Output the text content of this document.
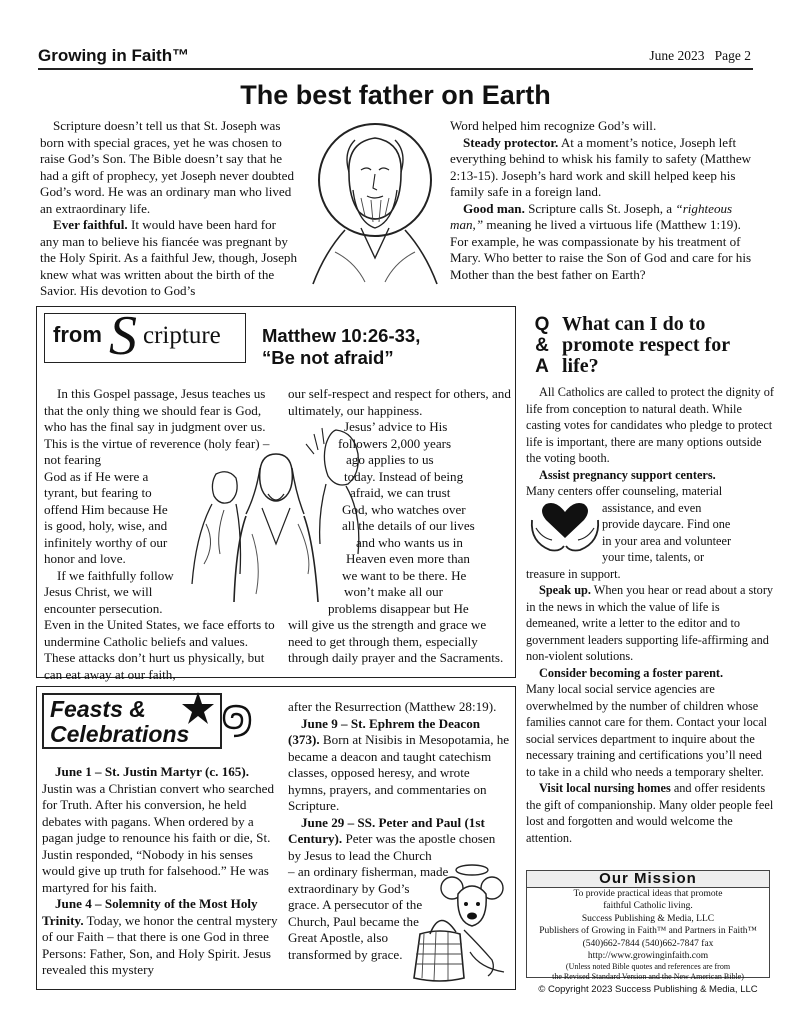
Growing in Faith™	June 2023 Page 2
The best father on Earth

Scripture doesn’t tell us that St. Joseph was born with special graces, yet he was chosen to raise God’s Son. The Bible doesn’t say that he had a gift of prophecy, yet Joseph never doubted God’s word. He was an ordinary man who lived an extraordinary life.

Ever faithful. It would have been hard for any man to believe his fiancée was pregnant by the Holy Spirit. As a faithful Jew, though, Joseph knew what was written about the birth of the Savior. His devotion to God’s

Word helped him recognize God’s will.

Steady protector. At a moment’s notice, Joseph left everything behind to whisk his family to safety (Matthew 2:13-15). Joseph’s hard work and skill helped keep his family safe in a foreign land.

Good man. Scripture calls St. Joseph, a “righteous man,” meaning he lived a virtuous life (Matthew 1:19). For example, he was compassionate by his treatment of Mary. Who better to raise the Son of God and care for his Mother than the best father on Earth?

from S cripture Matthew 10:26-33,
“Be not afraid”

In this Gospel passage, Jesus teaches us that the only thing we should fear is God, who has the final say in judgment over us. This is the virtue of reverence (holy fear) – not fearing

God as if He were a

tyrant, but fearing to

offend Him because He

is good, holy, wise, and

infinitely worthy of our

honor and love.

If we faithfully follow

Jesus Christ, we will

encounter persecution.

Even in the United States, we face efforts to undermine Catholic beliefs and values. These attacks don’t hurt us physically, but can eat away at our faith,

our self-respect and respect for others, and ultimately, our happiness.

Jesus’ advice to His

followers 2,000 years

ago applies to us

today. Instead of being

afraid, we can trust

God, who watches over

all the details of our lives

and who wants us in

Heaven even more than

we want to be there. He

won’t make all our

problems disappear but He

will give us the strength and grace we need to get through them, especially through daily prayer and the Sacraments.

Q
&
A
What can I do to promote respect for life?

All Catholics are called to protect the dignity of life from conception to natural death. While casting votes for candidates who pledge to protect life is important, there are many options outside the voting booth.

Assist pregnancy support centers.

Many centers offer counseling, material

assistance, and even

provide daycare. Find one

in your area and volunteer

your time, talents, or

treasure in support.

Speak up. When you hear or read about a story in the news in which the value of life is demeaned, write a letter to the editor and to government leaders supporting life-affirming and non-violent solutions.

Consider becoming a foster parent.

Many local social service agencies are overwhelmed by the number of children whose families cannot care for them. Contact your local social services department to inquire about the necessary training and certifications you’ll need to take in a child who needs a temporary shelter.

Visit local nursing homes and offer residents the gift of companionship. Many older people feel lost and forgotten and would welcome the attention.

Our Mission
To provide practical ideas that promote
faithful Catholic living.
Success Publishing & Media, LLC
Publishers of Growing in Faith™ and Partners in Faith™
(540)662-7844 (540)662-7847 fax
http://www.growinginfaith.com
(Unless noted Bible quotes and references are from
the Revised Standard Version and the New American Bible)
© Copyright 2023 Success Publishing & Media, LLC
Feasts &
Celebrations

June 1 – St. Justin Martyr (c. 165). Justin was a Christian convert who searched for Truth. After his conversion, he held debates with pagans. When ordered by a pagan judge to renounce his faith or die, St. Justin responded, “Nobody in his senses would give up truth for falsehood.” He was martyred for his faith.

June 4 – Solemnity of the Most Holy Trinity. Today, we honor the central mystery of our Faith – that there is one God in three Persons: Father, Son, and Holy Spirit. Jesus revealed this mystery

after the Resurrection (Matthew 28:19).

June 9 – St. Ephrem the Deacon (373). Born at Nisibis in Mesopotamia, he became a deacon and taught catechism classes, opposed heresy, and wrote hymns, prayers, and commentaries on Scripture.

June 29 – SS. Peter and Paul (1st Century). Peter was the apostle chosen by Jesus to lead the Church

– an ordinary fisherman, made

extraordinary by God’s

grace. A persecutor of the

Church, Paul became the

Great Apostle, also

transformed by grace.
